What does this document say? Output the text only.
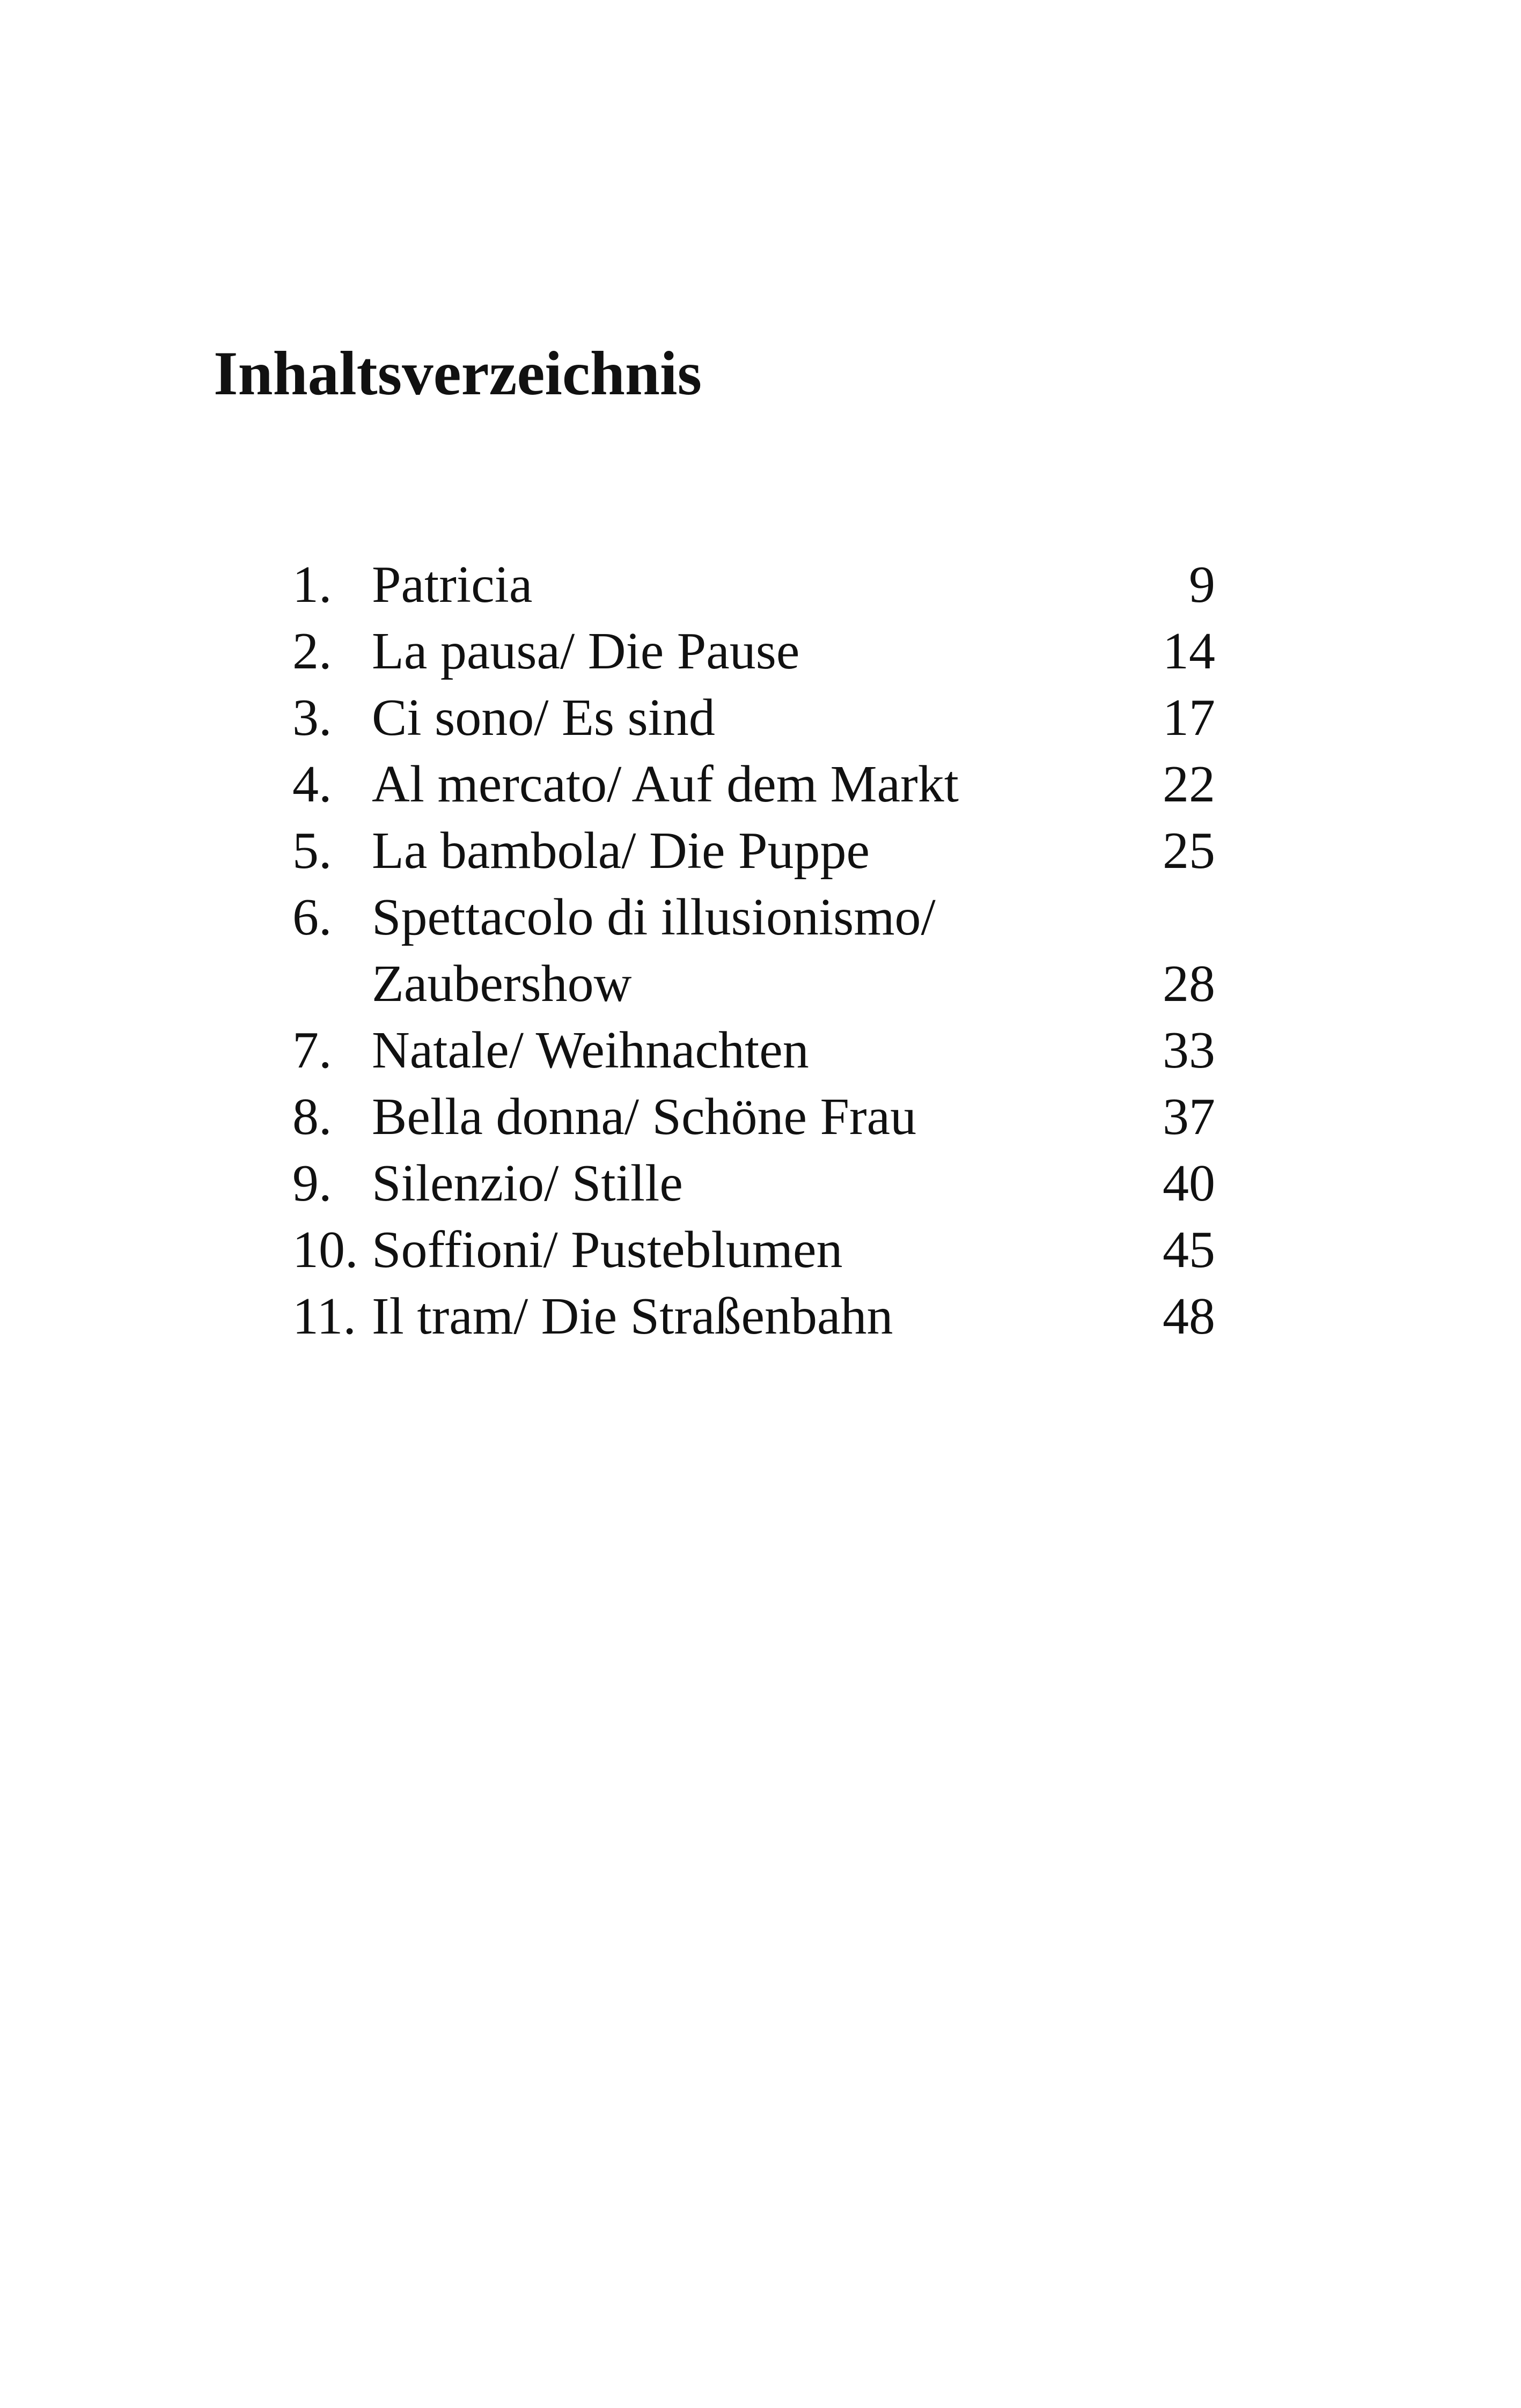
Inhaltsverzeichnis
1. Patricia	9
2. La pausa/ Die Pause	14
3. Ci sono/ Es sind	17
4. Al mercato/ Auf dem Markt	22
5. La bambola/ Die Puppe	25
6. Spettacolo di illusionismo/
Zaubershow	28
7. Natale/ Weihnachten	33
8. Bella donna/ Schöne Frau	37
9. Silenzio/ Stille	40
10. Soffioni/ Pusteblumen	45
11. Il tram/ Die Straßenbahn	48
